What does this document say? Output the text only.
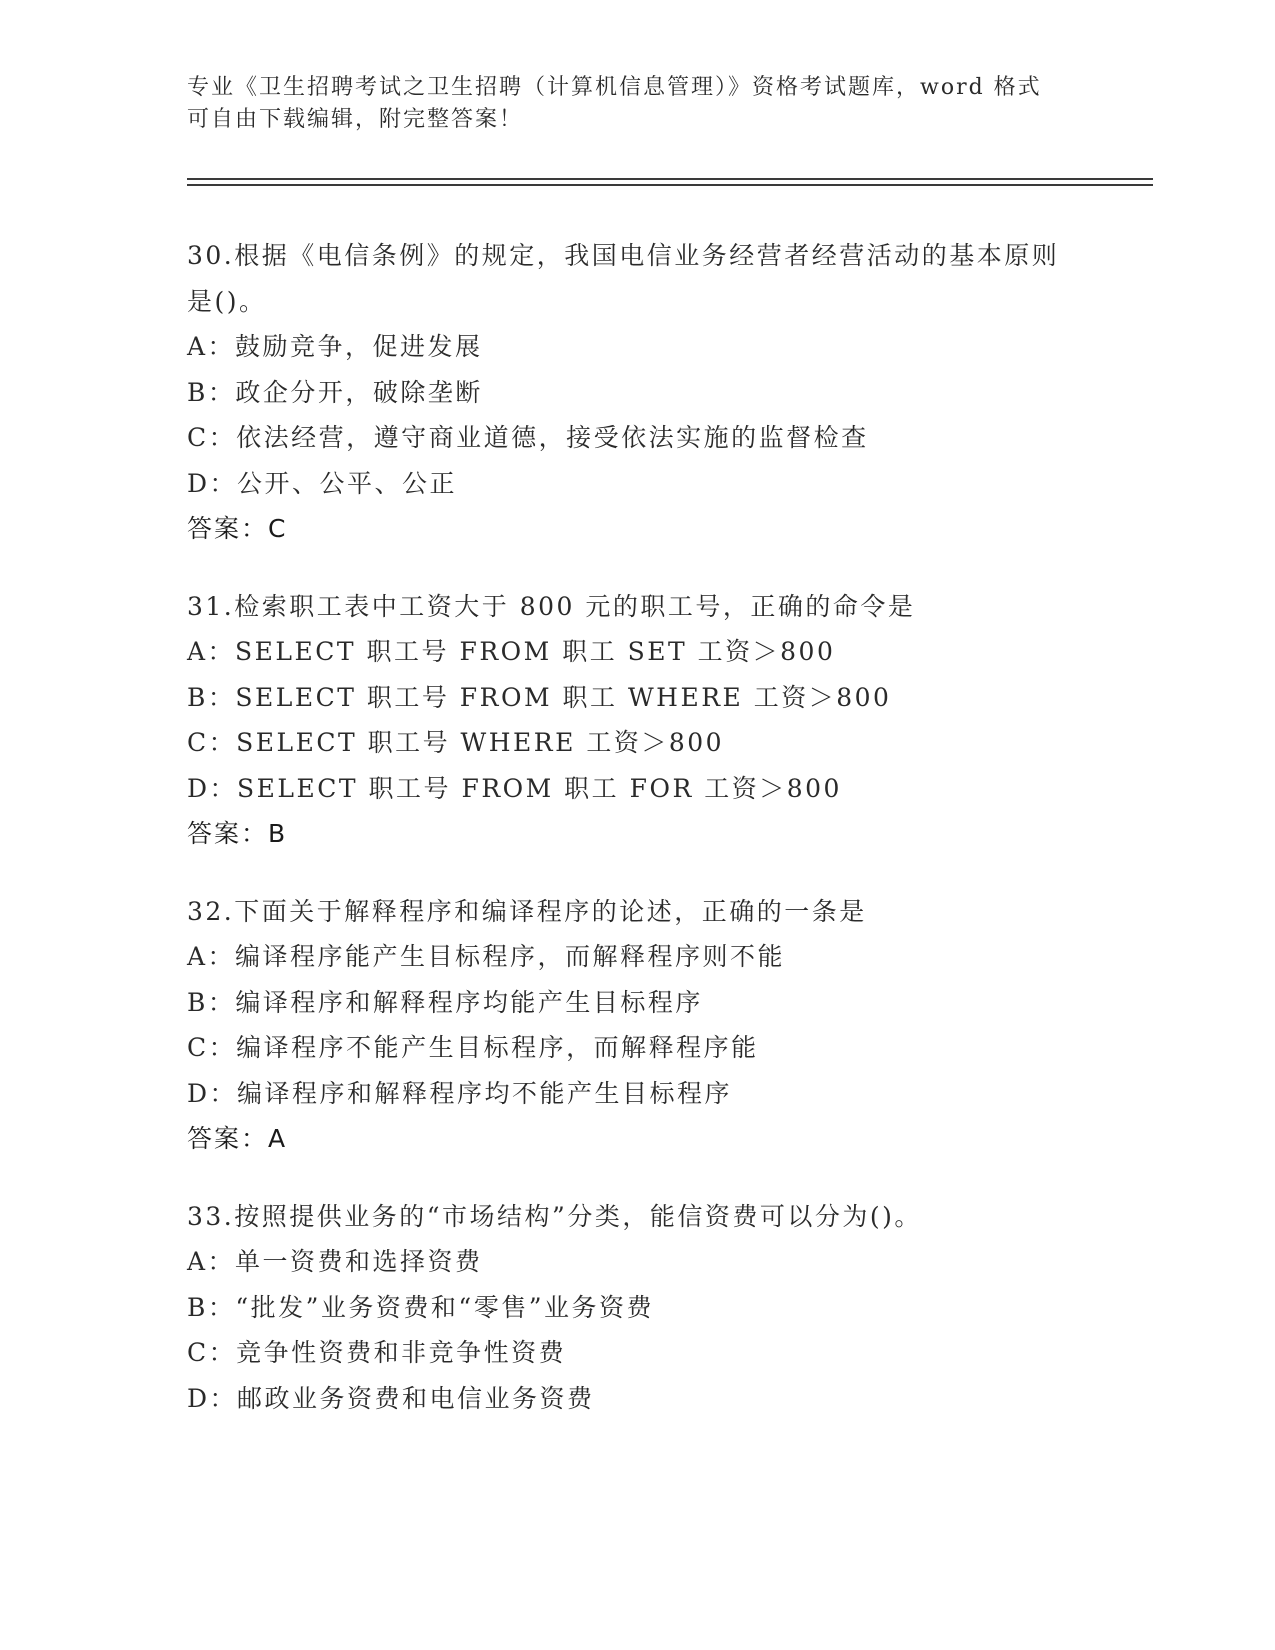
专业《卫生招聘考试之卫生招聘（计算机信息管理）》资格考试题库，word 格式
可自由下载编辑，附完整答案！
30.根据《电信条例》的规定，我国电信业务经营者经营活动的基本原则是()。
A：鼓励竞争，促进发展
B：政企分开，破除垄断
C：依法经营，遵守商业道德，接受依法实施的监督检查
D：公开、公平、公正
答案：C
31.检索职工表中工资大于 800 元的职工号，正确的命令是
A：SELECT 职工号 FROM 职工 SET 工资＞800
B：SELECT 职工号 FROM 职工 WHERE 工资＞800
C：SELECT 职工号 WHERE 工资＞800
D：SELECT 职工号 FROM 职工 FOR 工资＞800
答案：B
32.下面关于解释程序和编译程序的论述，正确的一条是
A：编译程序能产生目标程序，而解释程序则不能
B：编译程序和解释程序均能产生目标程序
C：编译程序不能产生目标程序，而解释程序能
D：编译程序和解释程序均不能产生目标程序
答案：A
33.按照提供业务的“市场结构”分类，能信资费可以分为()。
A：单一资费和选择资费
B：“批发”业务资费和“零售”业务资费
C：竞争性资费和非竞争性资费
D：邮政业务资费和电信业务资费
